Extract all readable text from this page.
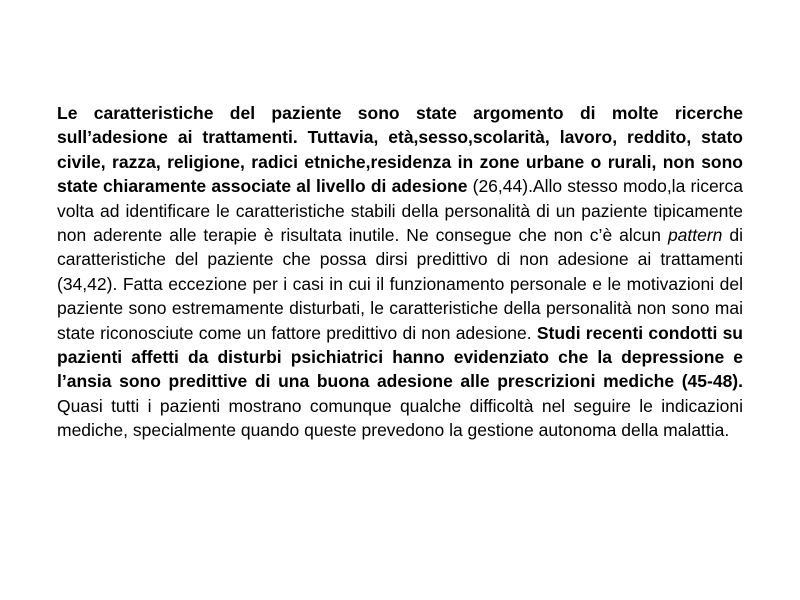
Le caratteristiche del paziente sono state argomento di molte ricerche sull’adesione ai trattamenti. Tuttavia, età,sesso,scolarità, lavoro, reddito, stato civile, razza, religione, radici etniche,residenza in zone urbane o rurali, non sono state chiaramente associate al livello di adesione (26,44).Allo stesso modo,la ricerca volta ad identificare le caratteristiche stabili della personalità di un paziente tipicamente non aderente alle terapie è risultata inutile. Ne consegue che non c’è alcun pattern di caratteristiche del paziente che possa dirsi predittivo di non adesione ai trattamenti (34,42). Fatta eccezione per i casi in cui il funzionamento personale e le motivazioni del paziente sono estremamente disturbati, le caratteristiche della personalità non sono mai state riconosciute come un fattore predittivo di non adesione. Studi recenti condotti su pazienti affetti da disturbi psichiatrici hanno evidenziato che la depressione e l’ansia sono predittive di una buona adesione alle prescrizioni mediche (45-48). Quasi tutti i pazienti mostrano comunque qualche difficoltà nel seguire le indicazioni mediche, specialmente quando queste prevedono la gestione autonoma della malattia.
